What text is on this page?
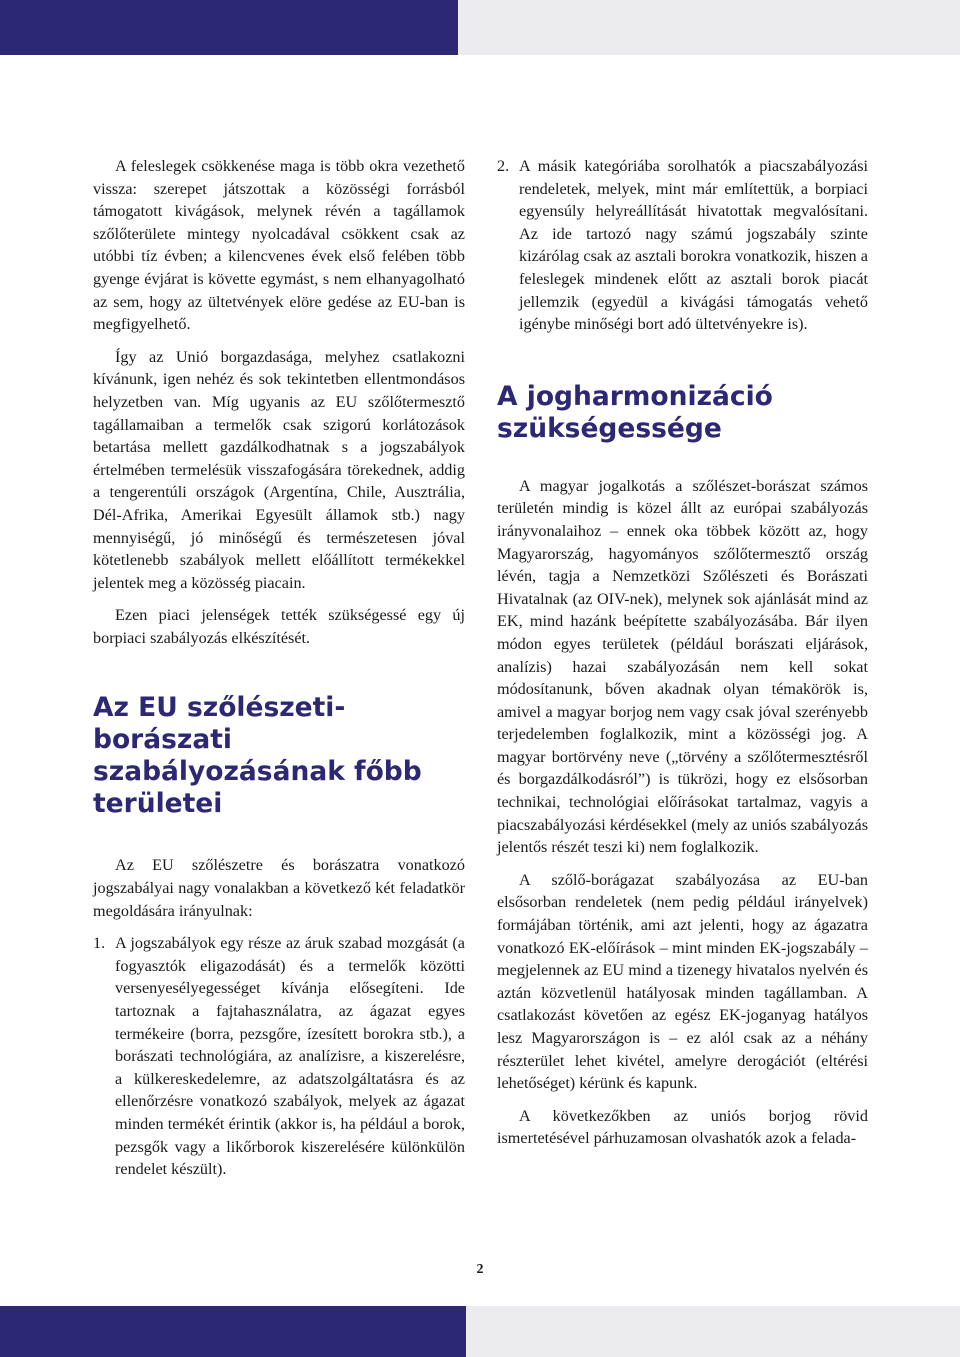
A feleslegek csökkenése maga is több okra vezethető vissza: szerepet játszottak a közösségi forrásból támogatott kivágások, melynek révén a tagállamok szőlőterülete mintegy nyolcadával csökkent csak az utóbbi tíz évben; a kilencvenes évek első felében több gyenge évjárat is követte egymást, s nem elhanyagolható az sem, hogy az ültetvények elöre gedése az EU-ban is megfigyelhető.

Így az Unió borgazdasága, melyhez csatlakozni kívánunk, igen nehéz és sok tekintetben ellentmondásos helyzetben van. Míg ugyanis az EU szőlőtermesztő tagállamaiban a termelők csak szigorú korlátozások betartása mellett gazdálkodhatnak s a jogszabályok értelmében termelésük visszafogására törekednek, addig a tengerentúli országok (Argentína, Chile, Ausztrália, Dél-Afrika, Amerikai Egyesült államok stb.) nagy mennyiségű, jó minőségű és természetesen jóval kötetlenebb szabályok mellett előállított termékekkel jelentek meg a közösség piacain.

Ezen piaci jelenségek tették szükségessé egy új borpiaci szabályozás elkészítését.

Az EU szőlészeti-borászati szabályozásának főbb területei

Az EU szőlészetre és borászatra vonatkozó jogszabályai nagy vonalakban a következő két feladatkör megoldására irányulnak:

1. A jogszabályok egy része az áruk szabad mozgását (a fogyasztók eligazodását) és a termelők közötti versenyesélyegességet kívánja elősegíteni. Ide tartoznak a fajtahasználatra, az ágazat egyes termékeire (borra, pezsgőre, ízesített borokra stb.), a borászati technológiára, az analízisre, a kiszerelésre, a külkereskedelemre, az adatszolgáltatásra és az ellenőrzésre vonatkozó szabályok, melyek az ágazat minden termékét érintik (akkor is, ha például a borok, pezsgők vagy a likőrborok kiszerelésére különkülön rendelet készült).
2. A másik kategóriába sorolhatók a piacszabályozási rendeletek, melyek, mint már említettük, a borpiaci egyensúly helyreállítását hivatottak megvalósítani. Az ide tartozó nagy számú jogszabály szinte kizárólag csak az asztali borokra vonatkozik, hiszen a feleslegek mindenek előtt az asztali borok piacát jellemzik (egyedül a kivágási támogatás vehető igénybe minőségi bort adó ültetvényekre is).
A jogharmonizáció szükségessége

A magyar jogalkotás a szőlészet-borászat számos területén mindig is közel állt az európai szabályozás irányvonalaihoz – ennek oka többek között az, hogy Magyarország, hagyományos szőlőtermesztő ország lévén, tagja a Nemzetközi Szőlészeti és Borászati Hivatalnak (az OIV-nek), melynek sok ajánlását mind az EK, mind hazánk beépítette szabályozásába. Bár ilyen módon egyes területek (például borászati eljárások, analízis) hazai szabályozásán nem kell sokat módosítanunk, bőven akadnak olyan témakörök is, amivel a magyar borjog nem vagy csak jóval szerényebb terjedelemben foglalkozik, mint a közösségi jog. A magyar bortörvény neve („törvény a szőlőtermesztésről és borgazdálkodásról”) is tükrözi, hogy ez elsősorban technikai, technológiai előírásokat tartalmaz, vagyis a piacszabályozási kérdésekkel (mely az uniós szabályozás jelentős részét teszi ki) nem foglalkozik.

A szőlő-borágazat szabályozása az EU-ban elsősorban rendeletek (nem pedig például irányelvek) formájában történik, ami azt jelenti, hogy az ágazatra vonatkozó EK-előírások – mint minden EK-jogszabály – megjelennek az EU mind a tizenegy hivatalos nyelvén és aztán közvetlenül hatályosak minden tagállamban. A csatlakozást követően az egész EK-joganyag hatályos lesz Magyarországon is – ez alól csak az a néhány részterület lehet kivétel, amelyre derogációt (eltérési lehetőséget) kérünk és kapunk.

A következőkben az uniós borjog rövid ismertetésével párhuzamosan olvashatók azok a felada-

2
